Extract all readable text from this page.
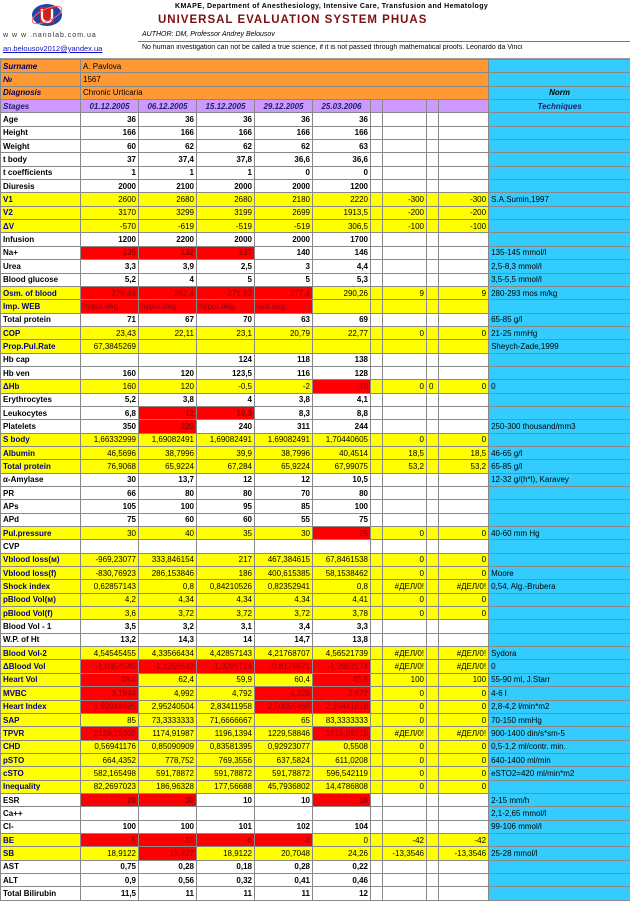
w w w .nanolab.com.ua
an.belousov2012@yandex.ua
KMAPE, Department of Anesthesiology, Intensive Care, Transfusion and Hematology
UNIVERSAL EVALUATION SYSTEM PHUAS
AUTHOR: DM, Professor Andrey Belousov
No human investigation can not be called a true science, if it is not passed through mathematical proofs. Leonardo da Vinci
Surname	A. Pavlova									
№	1567									
Diagnosis	Chronic Urticaria									Norm
Stages	01.12.2005	06.12.2005	15.12.2005	29.12.2005	25.03.2006					Techniques
Age	36	36	36	36	36					
Height	166	166	166	166	166					
Weight	60	62	62	62	63					
t body	37	37,4	37,8	36,6	36,6					
t coefficients	1	1	1	0	0					
Diuresis	2000	2100	2000	2000	1200					
V1	2600	2680	2680	2180	2220		-300		-300	S.A.Sumin,1997
V2	3170	3299	3199	2699	1913,5		-200		-200	
ΔV	-570	-619	-519	-519	306,5		-100		-100	
Infusion	1200	2200	2000	2000	1700					
Na+	135	132	137	140	146					135-145 mmol/l
Urea	3,3	3,9	2,5	3	4,4					2,5-8,3 mmol/l
Blood glucose	5,2	4	5	5	5,3					3,5-5,5 mmol/l
Osm. of blood	279,46	262,4	271,92	277,4	290,26		9		9	280-293 mos m/kg
Imp. WEB	hypot.deg.	hypot.deg.	hypot.deg.	isot.deg.						
Total protein	71	67	70	63	69					65-85 g/l
COP	23,43	22,11	23,1	20,79	22,77		0		0	21-25 mmHg
Prop.Pul.Rate	67,3845269									Sheych-Zade,1999
Hb cap			124	118	138					
Hb ven	160	120	123,5	116	128					
ΔHb	160	120	-0,5	-2	-10		0	0	0	0
Erythrocytes	5,2	3,8	4	3,8	4,1					
Leukocytes	6,8	12	10,3	8,3	8,8					
Platelets	350	220	240	311	244					250-300 thousand/mm3
S body	1,66332999	1,69082491	1,69082491	1,69082491	1,70440605		0		0	
Albumin	46,5696	38,7996	39,9	38,7996	40,4514		18,5		18,5	46-65 g/l
Total protein	76,9068	65,9224	67,284	65,9224	67,99075		53,2		53,2	65-85 g/l
α-Amylase	30	13,7	12	12	10,5					12-32 g/(h*l), Karavey
PR	66	80	80	70	80					
APs	105	100	95	85	100					
APd	75	60	60	55	75					
Pul.pressure	30	40	35	30	25		0		0	40-60 mm Hg
CVP										
Vblood loss(м)	-969,23077	333,846154	217	467,384615	67,8461538		0		0	
Vblood loss(f)	-830,76923	286,153846	186	400,615385	58,1538462		0		0	Moore
Shock index	0,62857143	0,8	0,84210526	0,82352941	0,8		#ДЕЛ/0!		#ДЕЛ/0!	0,54, Alg.-Brubera
pBlood Vol(м)	4,2	4,34	4,34	4,34	4,41		0		0	
pBlood Vol(f)	3,6	3,72	3,72	3,72	3,78		0		0	
Blood Vol - 1	3,5	3,2	3,1	3,4	3,3					
W.P. of Ht	13,2	14,3	14	14,7	13,8					
Blood Vol-2	4,54545455	4,33566434	4,42857143	4,21768707	4,56521739		#ДЕЛ/0!		#ДЕЛ/0!	Sydora
ΔBlood Vol	-1,0454545	-1,1356643	-1,3285714	-0,8176871	-1,2652174		#ДЕЛ/0!		#ДЕЛ/0!	0
Heart Vol	48,4	62,4	59,9	60,4	45,9		100		100	55-90 ml, J.Starr
MVBC	3,1944	4,992	4,792	4,228	3,672		0		0	4-6 l
Heart Index	1,92048485	2,95240504	2,83411958	2,50055469	2,15441818		0		0	2,8-4,2 l/min*m2
SAP	85	73,3333333	71,6666667	65	83,3333333		0		0	70-150 mmHg
TPVR	2128,19309	1174,91987	1196,1394	1229,58846	1815,06715		#ДЕЛ/0!		#ДЕЛ/0!	900-1400 din/s*sm-5
CHD	0,56941176	0,85090909	0,83581395	0,92923077	0,5508		0		0	0,5-1,2 ml/contr. min.
pSTO	664,4352	778,752	769,3556	637,5824	611,0208		0		0	640-1400 ml/min
cSTO	582,165498	591,78872	591,78872	591,78872	596,542119		0		0	eSTO2=420 ml/min*m2
Inequality	82,2697023	186,96328	177,56688	45,7936802	14,4786808		0		0	
ESR	20	30	10	10	18					2-15 mm/h
Ca++										2,1-2,65 mmol/l
Cl-	100	100	101	102	104					99-106 mmol/l
BE	-5	-10	-6	-4	0		-42		-42	
SB	18,9122	15,327	18,9122	20,7048	24,26		-13,3546		-13,3546	25-28 mmol/l
AST	0,75	0,28	0,18	0,28	0,22					
ALT	0,9	0,56	0,32	0,41	0,46					
Total Bilirubin	11,5	11	11	11	12					
